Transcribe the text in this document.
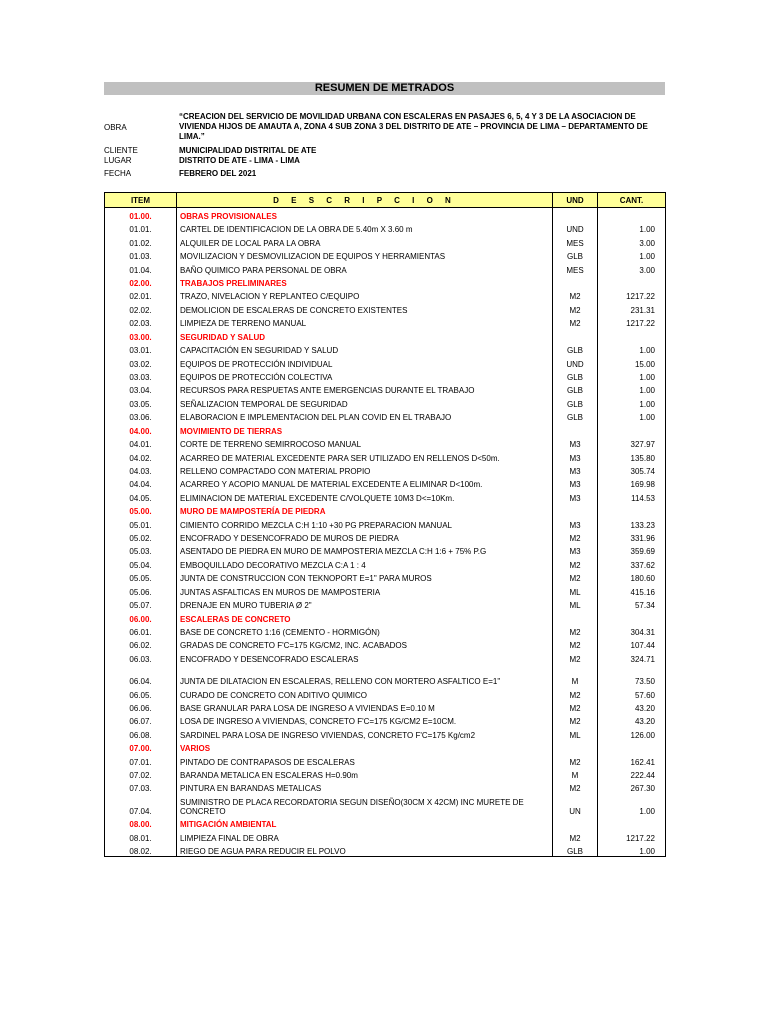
RESUMEN DE METRADOS
OBRA
“CREACION DEL SERVICIO DE MOVILIDAD URBANA CON ESCALERAS EN PASAJES 6, 5, 4 Y 3 DE LA ASOCIACION DE VIVIENDA HIJOS DE AMAUTA A, ZONA 4 SUB ZONA 3 DEL DISTRITO DE ATE – PROVINCIA DE LIMA – DEPARTAMENTO DE LIMA.”
CLIENTE	MUNICIPALIDAD DISTRITAL DE ATE
LUGAR	DISTRITO DE ATE - LIMA - LIMA
FECHA	FEBRERO DEL 2021
ITEM	D E S C R I P C I O N	UND	CANT.
01.00.	OBRAS PROVISIONALES		
01.01.	CARTEL DE IDENTIFICACION DE LA OBRA DE 5.40m X 3.60 m	UND	1.00
01.02.	ALQUILER DE LOCAL PARA LA OBRA	MES	3.00
01.03.	MOVILIZACION Y DESMOVILIZACION DE EQUIPOS Y HERRAMIENTAS	GLB	1.00
01.04.	BAÑO QUIMICO PARA PERSONAL DE OBRA	MES	3.00
02.00.	TRABAJOS PRELIMINARES		
02.01.	TRAZO, NIVELACION Y REPLANTEO C/EQUIPO	M2	1217.22
02.02.	DEMOLICION DE ESCALERAS DE CONCRETO EXISTENTES	M2	231.31
02.03.	LIMPIEZA DE TERRENO MANUAL	M2	1217.22
03.00.	SEGURIDAD Y SALUD		
03.01.	CAPACITACIÓN EN SEGURIDAD Y SALUD	GLB	1.00
03.02.	EQUIPOS DE PROTECCIÓN INDIVIDUAL	UND	15.00
03.03.	EQUIPOS DE PROTECCIÓN COLECTIVA	GLB	1.00
03.04.	RECURSOS PARA RESPUETAS ANTE EMERGENCIAS DURANTE EL TRABAJO	GLB	1.00
03.05.	SEÑALIZACION TEMPORAL DE SEGURIDAD	GLB	1.00
03.06.	ELABORACION E IMPLEMENTACION DEL PLAN COVID EN EL TRABAJO	GLB	1.00
04.00.	MOVIMIENTO DE TIERRAS		
04.01.	CORTE DE TERRENO SEMIRROCOSO MANUAL	M3	327.97
04.02.	ACARREO DE MATERIAL EXCEDENTE PARA SER UTILIZADO EN RELLENOS D<50m.	M3	135.80
04.03.	RELLENO COMPACTADO CON MATERIAL PROPIO	M3	305.74
04.04.	ACARREO Y ACOPIO MANUAL DE MATERIAL EXCEDENTE A ELIMINAR D<100m.	M3	169.98
04.05.	ELIMINACION DE MATERIAL EXCEDENTE C/VOLQUETE 10M3 D<=10Km.	M3	114.53
05.00.	MURO DE MAMPOSTERÍA DE PIEDRA		
05.01.	CIMIENTO CORRIDO MEZCLA C:H 1:10 +30 PG PREPARACION MANUAL	M3	133.23
05.02.	ENCOFRADO Y DESENCOFRADO DE MUROS DE PIEDRA	M2	331.96
05.03.	ASENTADO DE PIEDRA EN MURO DE MAMPOSTERIA MEZCLA C:H 1:6 + 75% P.G	M3	359.69
05.04.	EMBOQUILLADO DECORATIVO MEZCLA C:A 1 : 4	M2	337.62
05.05.	JUNTA DE CONSTRUCCION CON TEKNOPORT E=1" PARA MUROS	M2	180.60
05.06.	JUNTAS ASFALTICAS EN MUROS DE MAMPOSTERIA	ML	415.16
05.07.	DRENAJE EN MURO TUBERIA Ø 2"	ML	57.34
06.00.	ESCALERAS DE CONCRETO		
06.01.	BASE DE CONCRETO 1:16 (CEMENTO - HORMIGÓN)	M2	304.31
06.02.	GRADAS DE CONCRETO F'C=175 KG/CM2, INC. ACABADOS	M2	107.44
06.03.	ENCOFRADO Y DESENCOFRADO ESCALERAS	M2	324.71
06.04.	JUNTA DE DILATACION EN ESCALERAS, RELLENO CON MORTERO ASFALTICO E=1"	M	73.50
06.05.	CURADO DE CONCRETO CON ADITIVO QUIMICO	M2	57.60
06.06.	BASE GRANULAR PARA LOSA DE INGRESO A VIVIENDAS E=0.10 M	M2	43.20
06.07.	LOSA DE INGRESO A VIVIENDAS, CONCRETO F'C=175 KG/CM2 E=10CM.	M2	43.20
06.08.	SARDINEL PARA LOSA DE INGRESO VIVIENDAS, CONCRETO F'C=175 Kg/cm2	ML	126.00
07.00.	VARIOS		
07.01.	PINTADO DE CONTRAPASOS DE ESCALERAS	M2	162.41
07.02.	BARANDA METALICA EN ESCALERAS H=0.90m	M	222.44
07.03.	PINTURA EN BARANDAS METALICAS	M2	267.30
07.04.	SUMINISTRO DE PLACA RECORDATORIA SEGUN DISEÑO(30CM X 42CM) INC MURETE DE CONCRETO	UN	1.00
08.00.	MITIGACIÓN AMBIENTAL		
08.01.	LIMPIEZA FINAL DE OBRA	M2	1217.22
08.02.	RIEGO DE AGUA PARA REDUCIR EL POLVO	GLB	1.00
